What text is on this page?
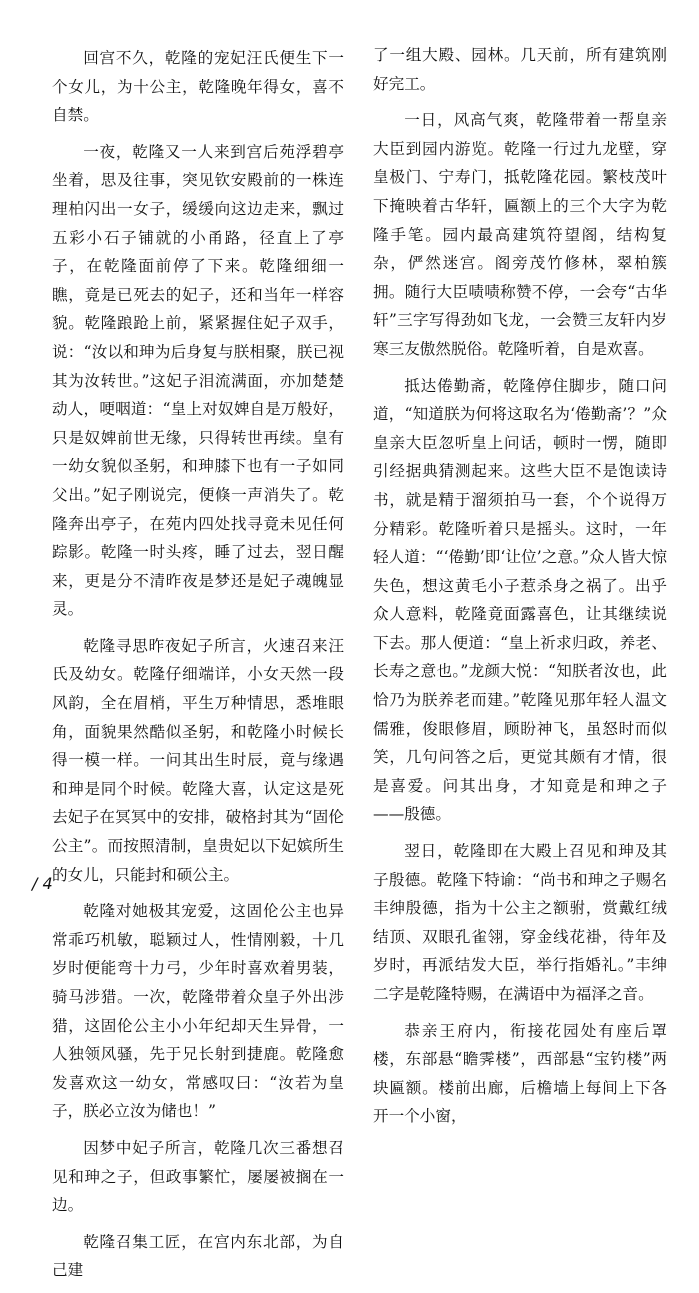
回宫不久，乾隆的宠妃汪氏便生下一个女儿，为十公主，乾隆晚年得女，喜不自禁。

一夜，乾隆又一人来到宫后苑浮碧亭坐着，思及往事，突见钦安殿前的一株连理柏闪出一女子，缓缓向这边走来，飘过五彩小石子铺就的小甬路，径直上了亭子，在乾隆面前停了下来。乾隆细细一瞧，竟是已死去的妃子，还和当年一样容貌。乾隆踉跄上前，紧紧握住妃子双手，说：“汝以和珅为后身复与朕相聚，朕已视其为汝转世。”这妃子泪流满面，亦加楚楚动人，哽咽道：“皇上对奴婢自是万般好，只是奴婢前世无缘，只得转世再续。皇有一幼女貌似圣躬，和珅膝下也有一子如同父出。”妃子刚说完，便倏一声消失了。乾隆奔出亭子，在苑内四处找寻竟未见任何踪影。乾隆一时头疼，睡了过去，翌日醒来，更是分不清昨夜是梦还是妃子魂魄显灵。

乾隆寻思昨夜妃子所言，火速召来汪氏及幼女。乾隆仔细端详，小女天然一段风韵，全在眉梢，平生万种情思，悉堆眼角，面貌果然酷似圣躬，和乾隆小时候长得一模一样。一问其出生时辰，竟与缘遇和珅是同个时候。乾隆大喜，认定这是死去妃子在冥冥中的安排，破格封其为“固伦公主”。而按照清制，皇贵妃以下妃嫔所生的女儿，只能封和硕公主。

乾隆对她极其宠爱，这固伦公主也异常乖巧机敏，聪颖过人，性情刚毅，十几岁时便能弯十力弓，少年时喜欢着男装，骑马涉猎。一次，乾隆带着众皇子外出涉猎，这固伦公主小小年纪却天生异骨，一人独领风骚，先于兄长射到捷鹿。乾隆愈发喜欢这一幼女，常感叹曰：“汝若为皇子，朕必立汝为储也！”

因梦中妃子所言，乾隆几次三番想召见和珅之子，但政事繁忙，屡屡被搁在一边。

乾隆召集工匠，在宫内东北部，为自己建

了一组大殿、园林。几天前，所有建筑刚好完工。

一日，风高气爽，乾隆带着一帮皇亲大臣到园内游览。乾隆一行过九龙壁，穿皇极门、宁寿门，抵乾隆花园。繁枝茂叶下掩映着古华轩，匾额上的三个大字为乾隆手笔。园内最高建筑符望阁，结构复杂，俨然迷宫。阁旁茂竹修林，翠柏簇拥。随行大臣啧啧称赞不停，一会夸“古华轩”三字写得劲如飞龙，一会赞三友轩内岁寒三友傲然脱俗。乾隆听着，自是欢喜。

抵达倦勤斋，乾隆停住脚步，随口问道，“知道朕为何将这取名为‘倦勤斋’？”众皇亲大臣忽听皇上问话，顿时一愣，随即引经据典猜测起来。这些大臣不是饱读诗书，就是精于溜须拍马一套，个个说得万分精彩。乾隆听着只是摇头。这时，一年轻人道：“‘倦勤’即‘让位’之意。”众人皆大惊失色，想这黄毛小子惹杀身之祸了。出乎众人意料，乾隆竟面露喜色，让其继续说下去。那人便道：“皇上祈求归政，养老、长寿之意也。”龙颜大悦：“知朕者汝也，此恰乃为朕养老而建。”乾隆见那年轻人温文儒雅，俊眼修眉，顾盼神飞，虽怒时而似笑，几句问答之后，更觉其颇有才情，很是喜爱。问其出身，才知竟是和珅之子——殷德。

翌日，乾隆即在大殿上召见和珅及其子殷德。乾隆下特谕：“尚书和珅之子赐名丰绅殷德，指为十公主之额驸，赏戴红绒结顶、双眼孔雀翎，穿金线花褂，待年及岁时，再派结发大臣，举行指婚礼。”丰绅二字是乾隆特赐，在满语中为福泽之音。

恭亲王府内，衔接花园处有座后罩楼，东部悬“瞻霁楼”，西部悬“宝钓楼”两块匾额。楼前出廊，后檐墙上每间上下各开一个小窗，

/ 4
